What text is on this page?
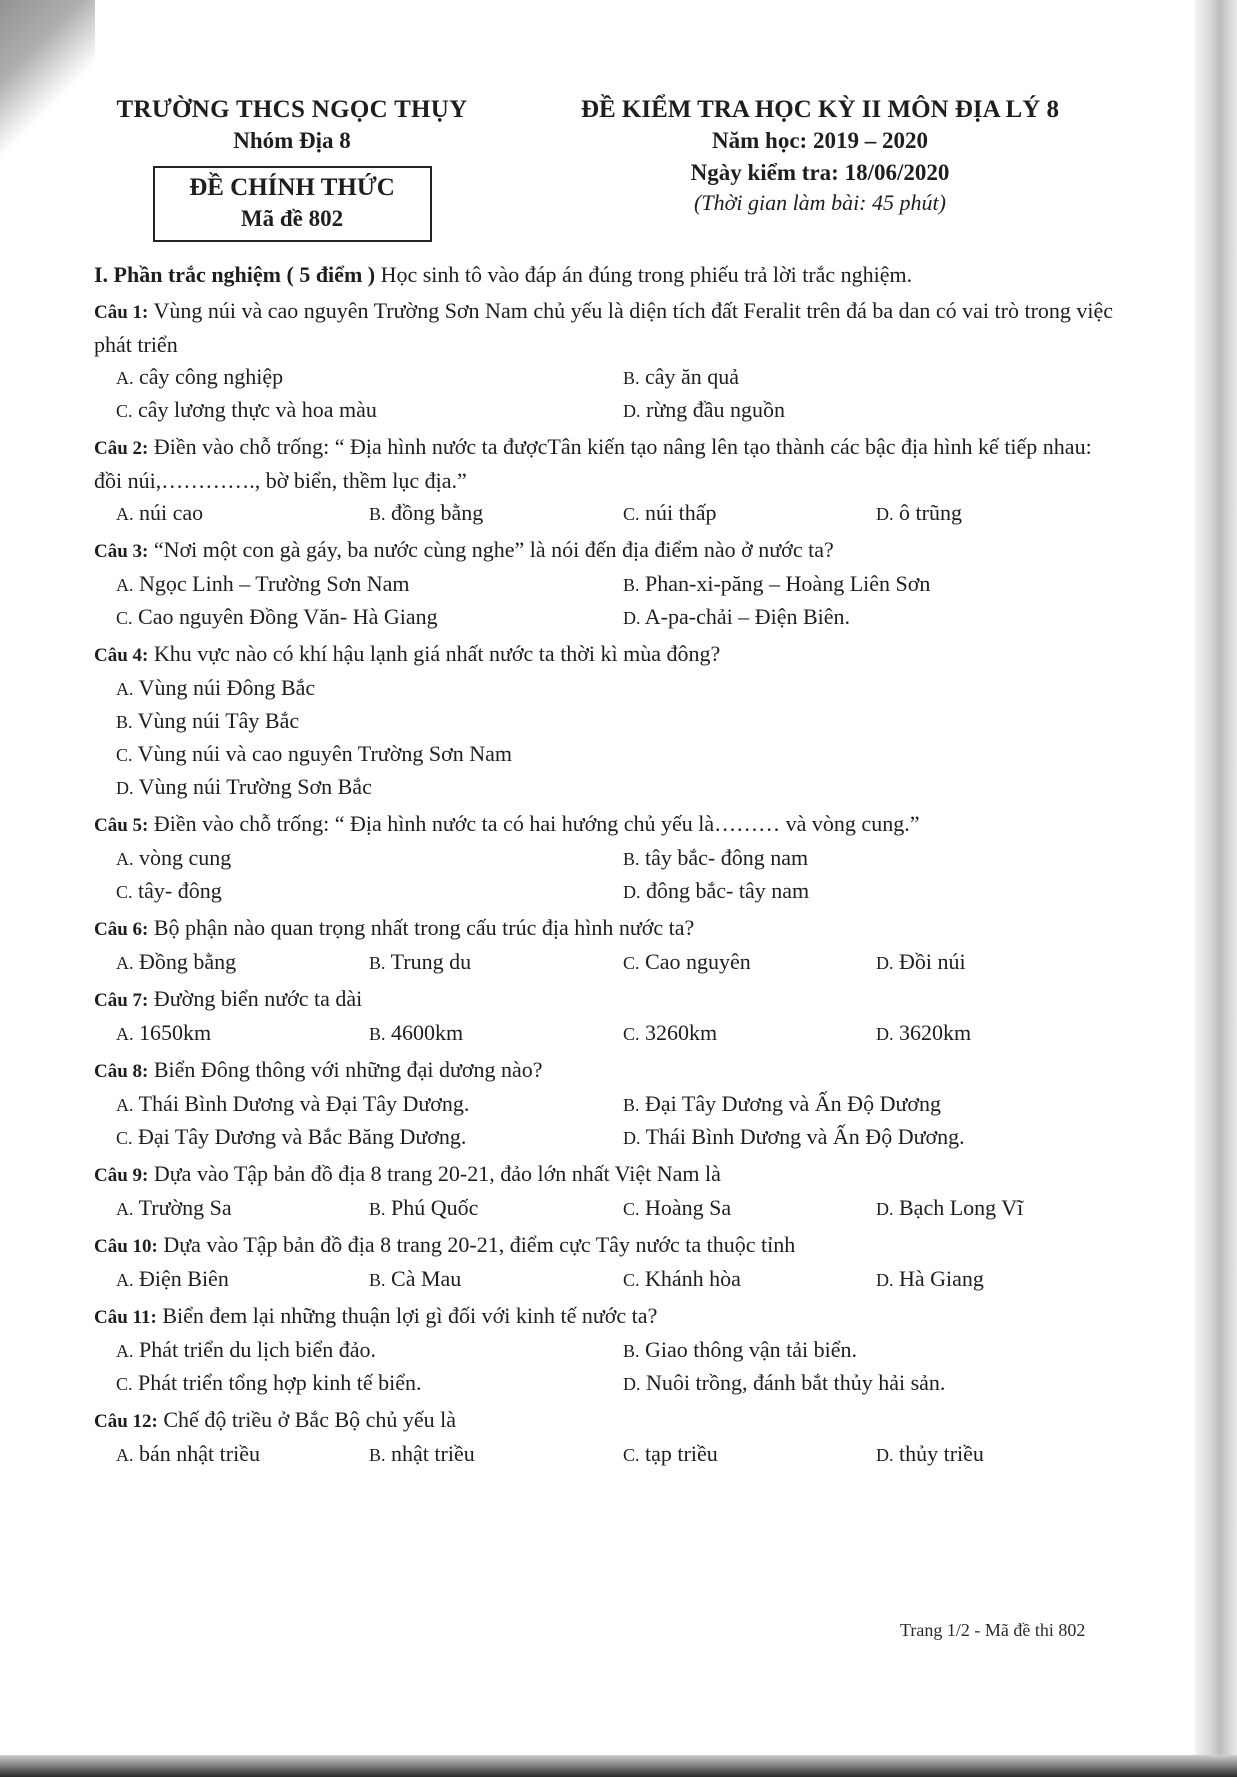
TRƯỜNG THCS NGỌC THỤY
Nhóm Địa 8
ĐỀ CHÍNH THỨC
Mã đề 802
ĐỀ KIỂM TRA HỌC KỲ II MÔN ĐỊA LÝ 8
Năm học: 2019 – 2020
Ngày kiểm tra: 18/06/2020
(Thời gian làm bài: 45 phút)
I. Phần trắc nghiệm ( 5 điểm ) Học sinh tô vào đáp án đúng trong phiếu trả lời trắc nghiệm.
Câu 1: Vùng núi và cao nguyên Trường Sơn Nam chủ yếu là diện tích đất Feralit trên đá ba dan có vai trò trong việc phát triển
A. cây công nghiệp	B. cây ăn quả
C. cây lương thực và hoa màu	D. rừng đầu nguồn
Câu 2: Điền vào chỗ trống: “ Địa hình nước ta đượcTân kiến tạo nâng lên tạo thành các bậc địa hình kế tiếp nhau: đồi núi,…………., bờ biển, thềm lục địa.”
A. núi cao	B. đồng bằng	C. núi thấp	D. ô trũng
Câu 3: “Nơi một con gà gáy, ba nước cùng nghe” là nói đến địa điểm nào ở nước ta?
A. Ngọc Linh – Trường Sơn Nam	B. Phan-xi-păng – Hoàng Liên Sơn
C. Cao nguyên Đồng Văn- Hà Giang	D. A-pa-chải – Điện Biên.
Câu 4: Khu vực nào có khí hậu lạnh giá nhất nước ta thời kì mùa đông?
A. Vùng núi Đông Bắc
B. Vùng núi Tây Bắc
C. Vùng núi và cao nguyên Trường Sơn Nam
D. Vùng núi Trường Sơn Bắc
Câu 5: Điền vào chỗ trống: “ Địa hình nước ta có hai hướng chủ yếu là……… và vòng cung.”
A. vòng cung	B. tây bắc- đông nam
C. tây- đông	D. đông bắc- tây nam
Câu 6: Bộ phận nào quan trọng nhất trong cấu trúc địa hình nước ta?
A. Đồng bằng	B. Trung du	C. Cao nguyên	D. Đồi núi
Câu 7: Đường biển nước ta dài
A. 1650km	B. 4600km	C. 3260km	D. 3620km
Câu 8: Biển Đông thông với những đại dương nào?
A. Thái Bình Dương và Đại Tây Dương.	B. Đại Tây Dương và Ấn Độ Dương
C. Đại Tây Dương và Bắc Băng Dương.	D. Thái Bình Dương và Ấn Độ Dương.
Câu 9: Dựa vào Tập bản đồ địa 8 trang 20-21, đảo lớn nhất Việt Nam là
A. Trường Sa	B. Phú Quốc	C. Hoàng Sa	D. Bạch Long Vĩ
Câu 10: Dựa vào Tập bản đồ địa 8 trang 20-21, điểm cực Tây nước ta thuộc tỉnh
A. Điện Biên	B. Cà Mau	C. Khánh hòa	D. Hà Giang
Câu 11: Biển đem lại những thuận lợi gì đối với kinh tế nước ta?
A. Phát triển du lịch biển đảo.	B. Giao thông vận tải biển.
C. Phát triển tổng hợp kinh tế biển.	D. Nuôi trồng, đánh bắt thủy hải sản.
Câu 12: Chế độ triều ở Bắc Bộ chủ yếu là
A. bán nhật triều	B. nhật triều	C. tạp triều	D. thủy triều
Trang 1/2 - Mã đề thi 802
